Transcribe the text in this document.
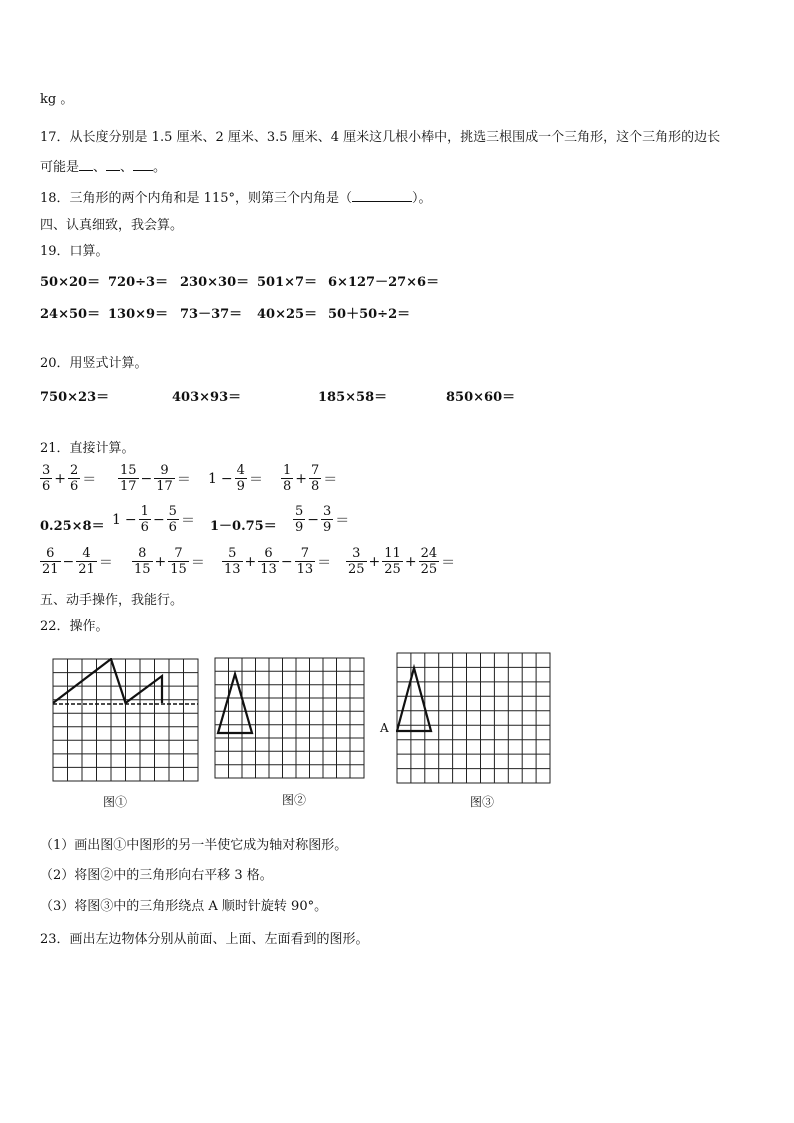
kg 。
17．从长度分别是 1.5 厘米、2 厘米、3.5 厘米、4 厘米这几根小棒中，挑选三根围成一个三角形，这个三角形的边长
可能是 、 、 。
18．三角形的两个内角和是 115°，则第三个内角是（	）。
四、认真细致，我会算。
19．口算。
50×20＝ 720÷3＝ 230×30＝ 501×7＝ 6×127－27×6＝
24×50＝ 130×9＝ 73－37＝ 40×25＝ 50＋50÷2＝
20．用竖式计算。
750×23＝	403×93＝	185×58＝	850×60＝
21．直接计算。
$\frac{3}{6} + \frac{2}{6} = \frac{15}{17} - \frac{9}{17} = 1 - \frac{4}{9} = \frac{1}{8} + \frac{7}{8}$ ＝
$0.25\times 8= 1 - \frac{1}{6} - \frac{5}{6} = 1-0.75= \frac{5}{9} - \frac{3}{9}$ ＝
$\frac{6}{21} - \frac{4}{21} = \frac{8}{15} + \frac{7}{15} = \frac{5}{13} + \frac{6}{13} - \frac{7}{13} = \frac{3}{25} + \frac{11}{25} + \frac{24}{25}$ ＝
五、动手操作，我能行。
22．操作。
图①	图②
A
图③
（1）画出图①中图形的另一半使它成为轴对称图形。
（2）将图②中的三角形向右平移 3 格。
（3）将图③中的三角形绕点 A 顺时针旋转 90°。
23．画出左边物体分别从前面、上面、左面看到的图形。
